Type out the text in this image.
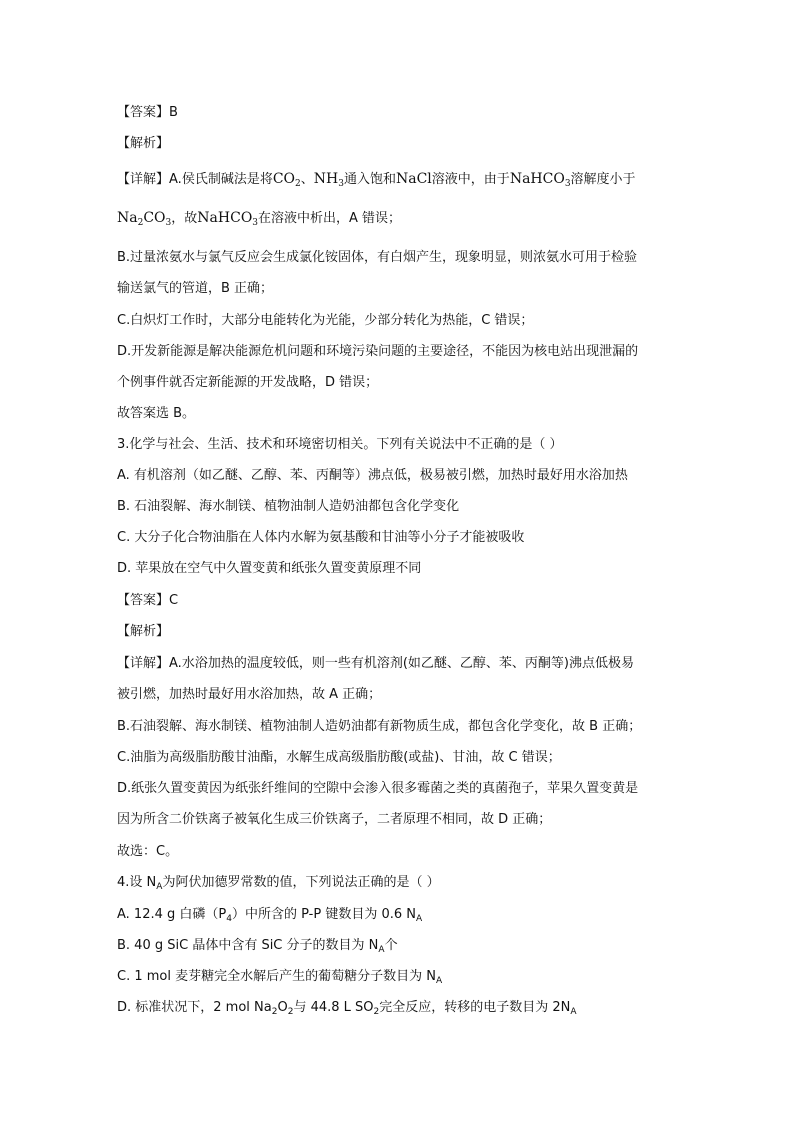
【答案】B
【解析】
【详解】A.侯氏制碱法是将$CO_2$、$NH_3$通入饱和NaCl溶液中，由于NaHCO$_3$溶解度小于
$Na_2CO_3$，故NaHCO$_3$在溶液中析出，A 错误；
B.过量浓氨水与氯气反应会生成氯化铵固体，有白烟产生，现象明显，则浓氨水可用于检验
输送氯气的管道，B 正确；
C.白炽灯工作时，大部分电能转化为光能，少部分转化为热能，C 错误；
D.开发新能源是解决能源危机问题和环境污染问题的主要途径，不能因为核电站出现泄漏的
个例事件就否定新能源的开发战略，D 错误；
故答案选 B。
3.化学与社会、生活、技术和环境密切相关。下列有关说法中不正确的是（ ）
A. 有机溶剂（如乙醚、乙醇、苯、丙酮等）沸点低，极易被引燃，加热时最好用水浴加热
B. 石油裂解、海水制镁、植物油制人造奶油都包含化学变化
C. 大分子化合物油脂在人体内水解为氨基酸和甘油等小分子才能被吸收
D. 苹果放在空气中久置变黄和纸张久置变黄原理不同
【答案】C
【解析】
【详解】A.水浴加热的温度较低，则一些有机溶剂(如乙醚、乙醇、苯、丙酮等)沸点低极易
被引燃，加热时最好用水浴加热，故 A 正确；
B.石油裂解、海水制镁、植物油制人造奶油都有新物质生成，都包含化学变化，故 B 正确；
C.油脂为高级脂肪酸甘油酯，水解生成高级脂肪酸(或盐)、甘油，故 C 错误；
D.纸张久置变黄因为纸张纤维间的空隙中会渗入很多霉菌之类的真菌孢子，苹果久置变黄是
因为所含二价铁离子被氧化生成三价铁离子，二者原理不相同，故 D 正确；
故选：C。
4.设 $N_A$为阿伏加德罗常数的值，下列说法正确的是（ ）
A. 12.4 g 白磷$(P_4)$中所含的 P-P 键数目为 0.6 $N_A$
B. 40 g SiC 晶体中含有 SiC 分子的数目为 $N_A$个
C. 1 mol 麦芽糖完全水解后产生的葡萄糖分子数目为 $N_A$
D. 标准状况下，2 mol $Na_2O_2$与 44.8 L $SO_2$完全反应，转移的电子数目为 $2N_A$
